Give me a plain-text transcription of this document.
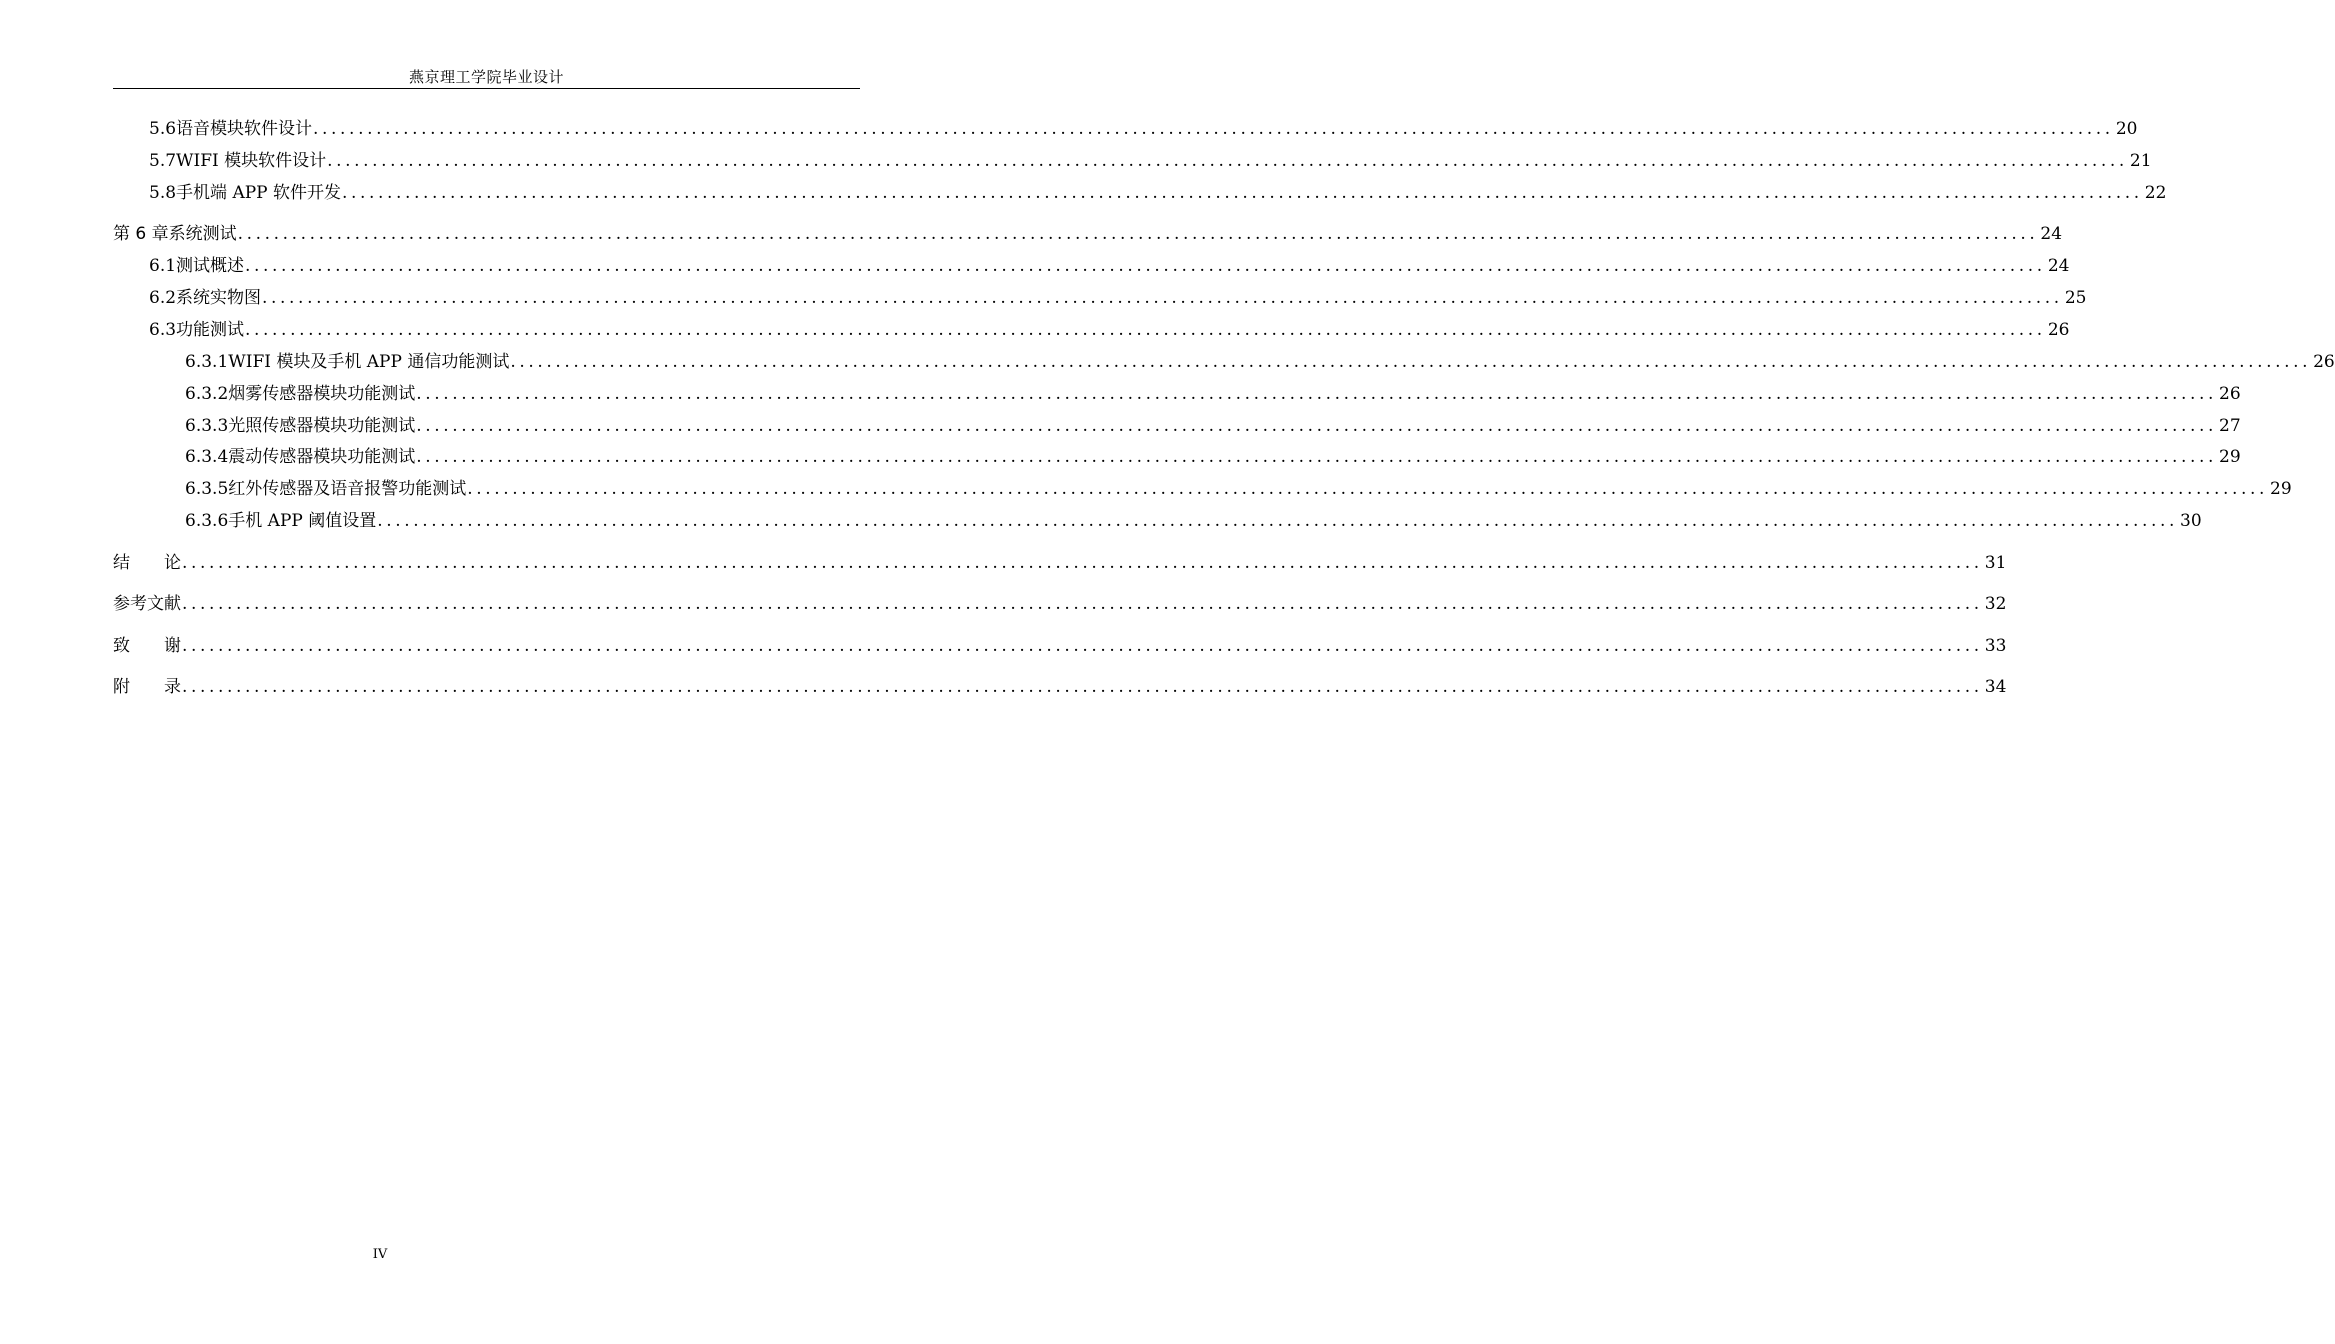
燕京理工学院毕业设计
5.6 语音模块软件设计 ........................................................................................................................................................................................................ 20
5.7 WIFI 模块软件设计 ........................................................................................................................................................................................................ 21
5.8 手机端 APP 软件开发 ........................................................................................................................................................................................................ 22
第 6 章 系统测试 ........................................................................................................................................................................................................ 24
6.1 测试概述 ........................................................................................................................................................................................................ 24
6.2 系统实物图 ........................................................................................................................................................................................................ 25
6.3 功能测试 ........................................................................................................................................................................................................ 26
6.3.1 WIFI 模块及手机 APP 通信功能测试 ........................................................................................................................................................................................................ 26
6.3.2 烟雾传感器模块功能测试 ........................................................................................................................................................................................................ 26
6.3.3 光照传感器模块功能测试 ........................................................................................................................................................................................................ 27
6.3.4 震动传感器模块功能测试 ........................................................................................................................................................................................................ 29
6.3.5 红外传感器及语音报警功能测试 ........................................................................................................................................................................................................ 29
6.3.6 手机 APP 阈值设置 ........................................................................................................................................................................................................ 30
结　　论 ........................................................................................................................................................................................................ 31
参考文献 ........................................................................................................................................................................................................ 32
致　　谢 ........................................................................................................................................................................................................ 33
附　　录 ........................................................................................................................................................................................................ 34
IV
